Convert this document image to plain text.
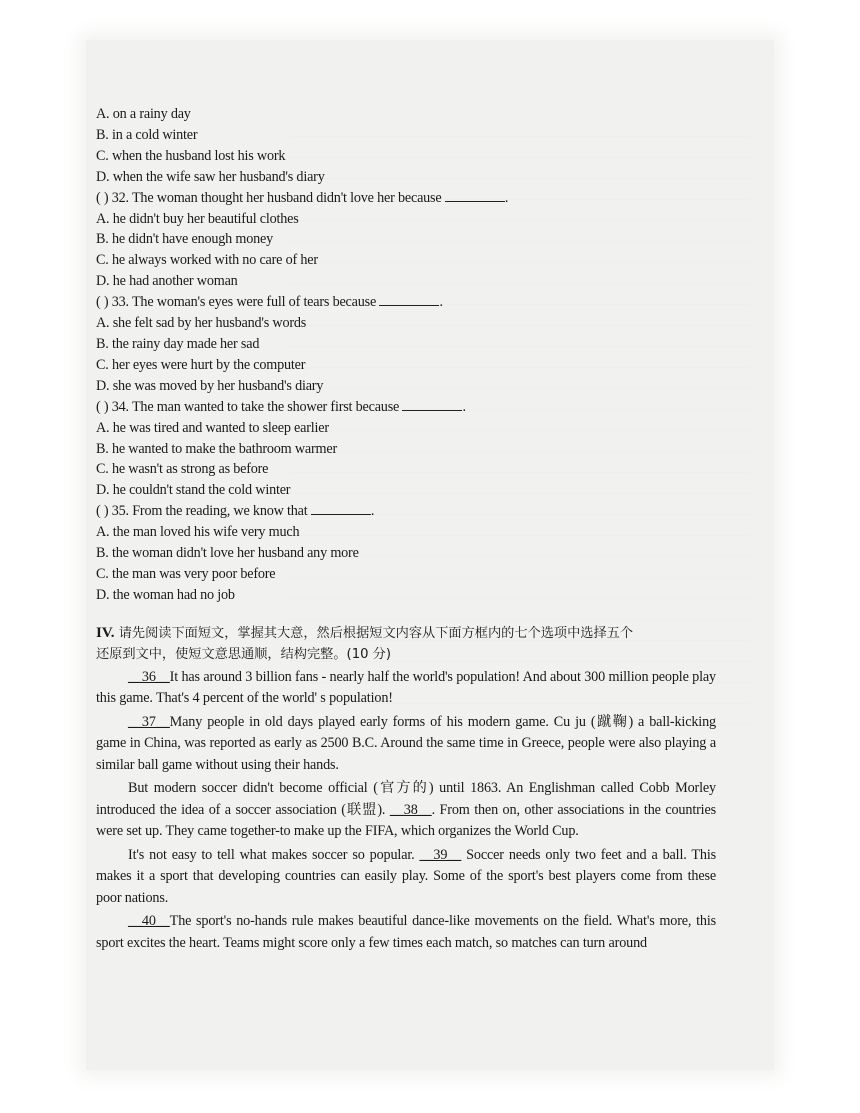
A. on a rainy day
B. in a cold winter
C. when the husband lost his work
D. when the wife saw her husband's diary
( ) 32. The woman thought her husband didn't love her because	.
A. he didn't buy her beautiful clothes
B. he didn't have enough money
C. he always worked with no care of her
D. he had another woman
( ) 33. The woman's eyes were full of tears because	.
A. she felt sad by her husband's words
B. the rainy day made her sad
C. her eyes were hurt by the computer
D. she was moved by her husband's diary
( ) 34. The man wanted to take the shower first because	.
A. he was tired and wanted to sleep earlier
B. he wanted to make the bathroom warmer
C. he wasn't as strong as before
D. he couldn't stand the cold winter
( ) 35. From the reading, we know that	.
A. the man loved his wife very much
B. the woman didn't love her husband any more
C. the man was very poor before
D. the woman had no job
IV. 请先阅读下面短文，掌握其大意，然后根据短文内容从下面方框内的七个选项中选择五个
还原到文中，使短文意思通顺，结构完整。(10 分)

__36__It has around 3 billion fans - nearly half the world's population! And about 300 million people play this game. That's 4 percent of the world' s population!

__37__Many people in old days played early forms of his modern game. Cu ju (蹴鞠) a ball-kicking game in China, was reported as early as 2500 B.C. Around the same time in Greece, people were also playing a similar ball game without using their hands.

But modern soccer didn't become official (官方的) until 1863. An Englishman called Cobb Morley introduced the idea of a soccer association (联盟). __38__. From then on, other associations in the countries were set up. They came together-to make up the FIFA, which organizes the World Cup.

It's not easy to tell what makes soccer so popular. __39__ Soccer needs only two feet and a ball. This makes it a sport that developing countries can easily play. Some of the sport's best players come from these poor nations.

__40__The sport's no-hands rule makes beautiful dance-like movements on the field. What's more, this sport excites the heart. Teams might score only a few times each match, so matches can turn around
